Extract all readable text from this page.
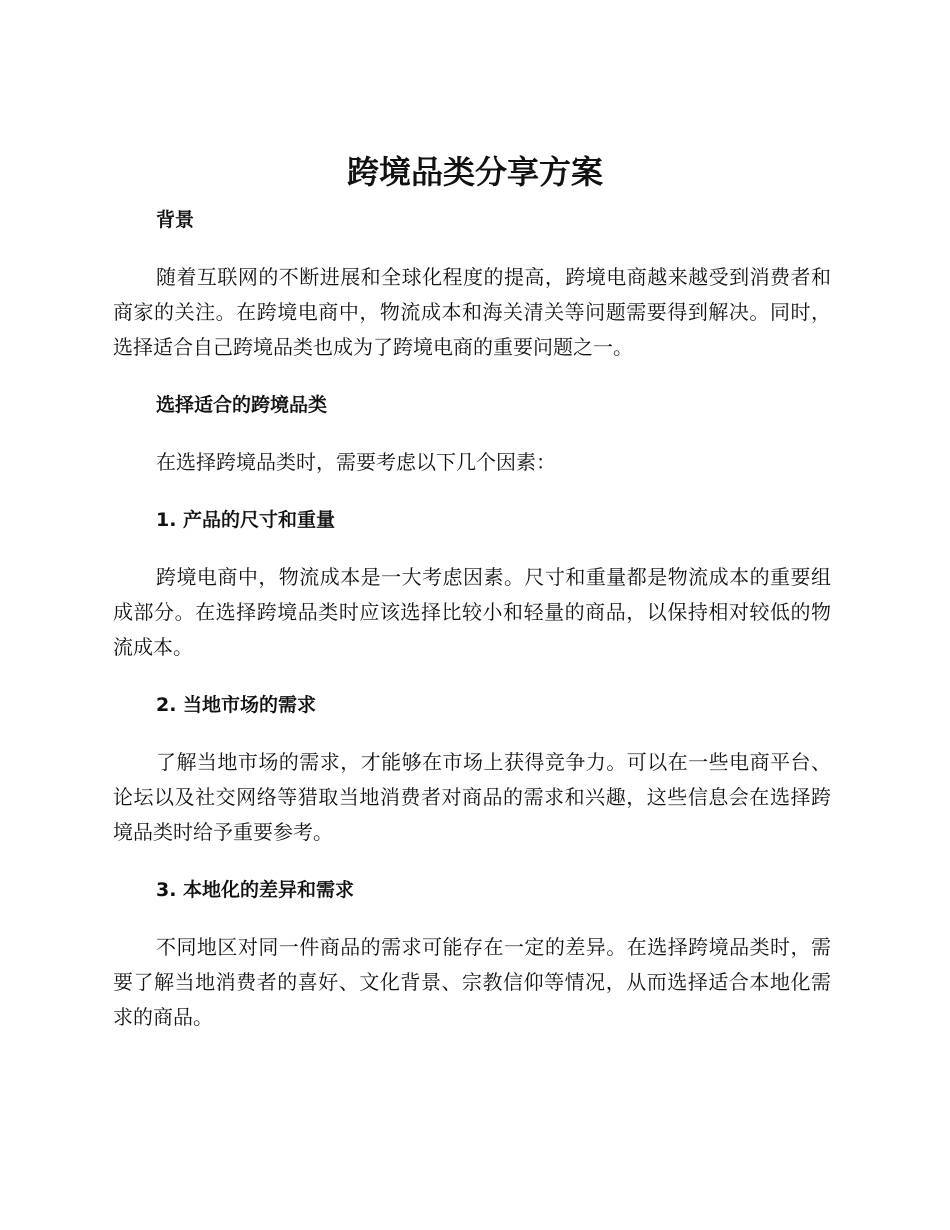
跨境品类分享方案
背景

随着互联网的不断进展和全球化程度的提高，跨境电商越来越受到消费者和商家的关注。在跨境电商中，物流成本和海关清关等问题需要得到解决。同时，选择适合自己跨境品类也成为了跨境电商的重要问题之一。

选择适合的跨境品类

在选择跨境品类时，需要考虑以下几个因素：

1. 产品的尺寸和重量

跨境电商中，物流成本是一大考虑因素。尺寸和重量都是物流成本的重要组成部分。在选择跨境品类时应该选择比较小和轻量的商品，以保持相对较低的物流成本。

2. 当地市场的需求

了解当地市场的需求，才能够在市场上获得竞争力。可以在一些电商平台、论坛以及社交网络等猎取当地消费者对商品的需求和兴趣，这些信息会在选择跨境品类时给予重要参考。

3. 本地化的差异和需求

不同地区对同一件商品的需求可能存在一定的差异。在选择跨境品类时，需要了解当地消费者的喜好、文化背景、宗教信仰等情况，从而选择适合本地化需求的商品。
